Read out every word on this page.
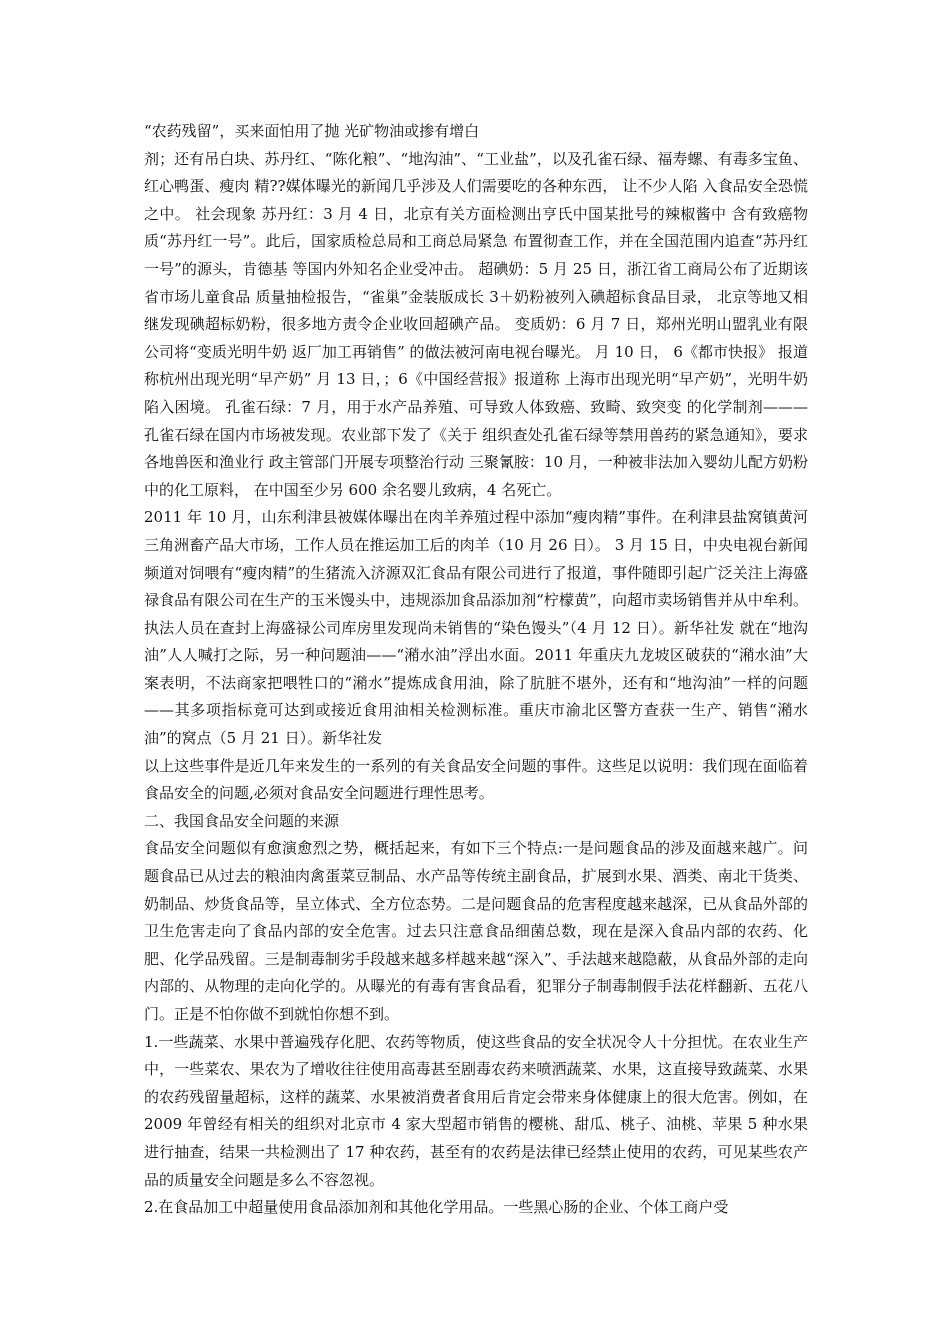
“农药残留”，买来面怕用了抛 光矿物油或掺有增白

剂；还有吊白块、苏丹红、“陈化粮”、“地沟油”、“工业盐”，以及孔雀石绿、福寿螺、有毒多宝鱼、红心鸭蛋、瘦肉 精??媒体曝光的新闻几乎涉及人们需要吃的各种东西， 让不少人陷 入食品安全恐慌之中。 社会现象 苏丹红：3 月 4 日，北京有关方面检测出亨氏中国某批号的辣椒酱中 含有致癌物质“苏丹红一号”。此后，国家质检总局和工商总局紧急 布置彻查工作，并在全国范围内追查“苏丹红一号”的源头，肯德基 等国内外知名企业受冲击。 超碘奶：5 月 25 日，浙江省工商局公布了近期该省市场儿童食品 质量抽检报告，“雀巢”金装版成长 3＋奶粉被列入碘超标食品目录， 北京等地又相继发现碘超标奶粉，很多地方责令企业收回超碘产品。 变质奶：6 月 7 日，郑州光明山盟乳业有限公司将“变质光明牛奶 返厂加工再销售” 的做法被河南电视台曝光。 月 10 日， 6《都市快报》 报道称杭州出现光明“早产奶” 月 13 日，；6《中国经营报》报道称 上海市出现光明“早产奶”，光明牛奶陷入困境。 孔雀石绿：7 月，用于水产品养殖、可导致人体致癌、致畸、致突变 的化学制剂———孔雀石绿在国内市场被发现。农业部下发了《关于 组织查处孔雀石绿等禁用兽药的紧急通知》，要求各地兽医和渔业行 政主管部门开展专项整治行动 三聚氰胺：10 月，一种被非法加入婴幼儿配方奶粉中的化工原料， 在中国至少另 600 余名婴儿致病，4 名死亡。

2011 年 10 月，山东利津县被媒体曝出在肉羊养殖过程中添加“瘦肉精”事件。在利津县盐窝镇黄河三角洲畜产品大市场，工作人员在推运加工后的肉羊（10 月 26 日）。 3 月 15 日，中央电视台新闻频道对饲喂有“瘦肉精”的生猪流入济源双汇食品有限公司进行了报道，事件随即引起广泛关注上海盛禄食品有限公司在生产的玉米馒头中，违规添加食品添加剂“柠檬黄”，向超市卖场销售并从中牟利。执法人员在查封上海盛禄公司库房里发现尚未销售的“染色馒头”（4 月 12 日）。新华社发 就在“地沟油”人人喊打之际，另一种问题油——“潲水油”浮出水面。2011 年重庆九龙坡区破获的“潲水油”大案表明，不法商家把喂牲口的“潲水”提炼成食用油，除了肮脏不堪外，还有和“地沟油”一样的问题——其多项指标竟可达到或接近食用油相关检测标准。重庆市渝北区警方查获一生产、销售“潲水油”的窝点（5 月 21 日）。新华社发

以上这些事件是近几年来发生的一系列的有关食品安全问题的事件。这些足以说明：我们现在面临着食品安全的问题,必须对食品安全问题进行理性思考。

二、我国食品安全问题的来源

食品安全问题似有愈演愈烈之势，概括起来，有如下三个特点:一是问题食品的涉及面越来越广。问题食品已从过去的粮油肉禽蛋菜豆制品、水产品等传统主副食品，扩展到水果、酒类、南北干货类、奶制品、炒货食品等，呈立体式、全方位态势。二是问题食品的危害程度越来越深，已从食品外部的卫生危害走向了食品内部的安全危害。过去只注意食品细菌总数，现在是深入食品内部的农药、化肥、化学品残留。三是制毒制劣手段越来越多样越来越“深入”、手法越来越隐蔽，从食品外部的走向内部的、从物理的走向化学的。从曝光的有毒有害食品看，犯罪分子制毒制假手法花样翻新、五花八门。正是不怕你做不到就怕你想不到。

1.一些蔬菜、水果中普遍残存化肥、农药等物质，使这些食品的安全状况令人十分担忧。在农业生产中，一些菜农、果农为了增收往往使用高毒甚至剧毒农药来喷洒蔬菜、水果，这直接导致蔬菜、水果的农药残留量超标，这样的蔬菜、水果被消费者食用后肯定会带来身体健康上的很大危害。例如，在 2009 年曾经有相关的组织对北京市 4 家大型超市销售的樱桃、甜瓜、桃子、油桃、苹果 5 种水果进行抽查，结果一共检测出了 17 种农药，甚至有的农药是法律已经禁止使用的农药，可见某些农产品的质量安全问题是多么不容忽视。

2.在食品加工中超量使用食品添加剂和其他化学用品。一些黑心肠的企业、个体工商户受
